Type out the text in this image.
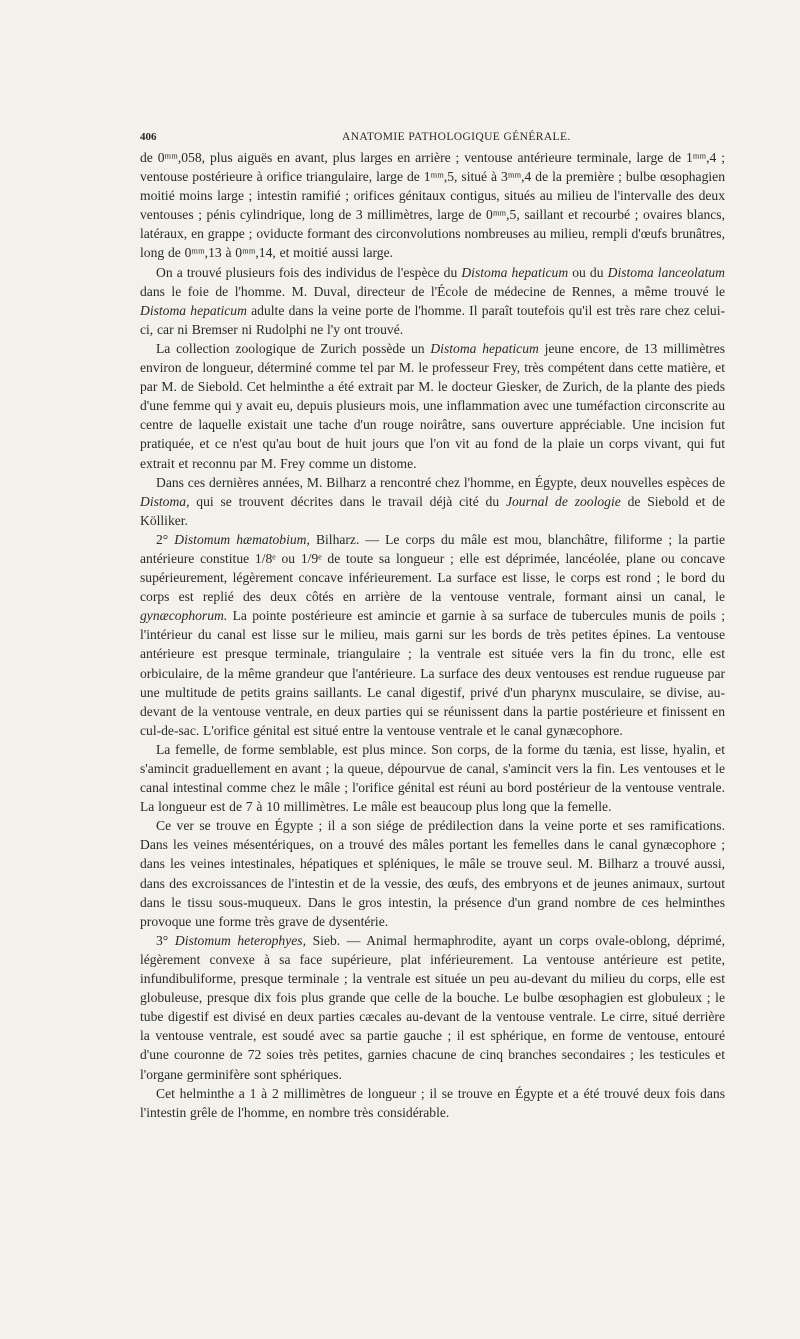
406	ANATOMIE PATHOLOGIQUE GÉNÉRALE.

de 0ᵐᵐ,058, plus aiguës en avant, plus larges en arrière ; ventouse antérieure terminale, large de 1ᵐᵐ,4 ; ventouse postérieure à orifice triangulaire, large de 1ᵐᵐ,5, situé à 3ᵐᵐ,4 de la première ; bulbe œsophagien moitié moins large ; intestin ramifié ; orifices génitaux contigus, situés au milieu de l'intervalle des deux ventouses ; pénis cylindrique, long de 3 millimètres, large de 0ᵐᵐ,5, saillant et recourbé ; ovaires blancs, latéraux, en grappe ; oviducte formant des circonvolutions nombreuses au milieu, rempli d'œufs brunâtres, long de 0ᵐᵐ,13 à 0ᵐᵐ,14, et moitié aussi large.

On a trouvé plusieurs fois des individus de l'espèce du Distoma hepaticum ou du Distoma lanceolatum dans le foie de l'homme. M. Duval, directeur de l'École de médecine de Rennes, a même trouvé le Distoma hepaticum adulte dans la veine porte de l'homme. Il paraît toutefois qu'il est très rare chez celui-ci, car ni Bremser ni Rudolphi ne l'y ont trouvé.

La collection zoologique de Zurich possède un Distoma hepaticum jeune encore, de 13 millimètres environ de longueur, déterminé comme tel par M. le professeur Frey, très compétent dans cette matière, et par M. de Siebold. Cet helminthe a été extrait par M. le docteur Giesker, de Zurich, de la plante des pieds d'une femme qui y avait eu, depuis plusieurs mois, une inflammation avec une tuméfaction circonscrite au centre de laquelle existait une tache d'un rouge noirâtre, sans ouverture appréciable. Une incision fut pratiquée, et ce n'est qu'au bout de huit jours que l'on vit au fond de la plaie un corps vivant, qui fut extrait et reconnu par M. Frey comme un distome.

Dans ces dernières années, M. Bilharz a rencontré chez l'homme, en Égypte, deux nouvelles espèces de Distoma, qui se trouvent décrites dans le travail déjà cité du Journal de zoologie de Siebold et de Kölliker.

2° Distomum hæmatobium, Bilharz. — Le corps du mâle est mou, blanchâtre, filiforme ; la partie antérieure constitue 1/8ᵉ ou 1/9ᵉ de toute sa longueur ; elle est déprimée, lancéolée, plane ou concave supérieurement, légèrement concave inférieurement. La surface est lisse, le corps est rond ; le bord du corps est replié des deux côtés en arrière de la ventouse ventrale, formant ainsi un canal, le gynæcophorum. La pointe postérieure est amincie et garnie à sa surface de tubercules munis de poils ; l'intérieur du canal est lisse sur le milieu, mais garni sur les bords de très petites épines. La ventouse antérieure est presque terminale, triangulaire ; la ventrale est située vers la fin du tronc, elle est orbiculaire, de la même grandeur que l'antérieure. La surface des deux ventouses est rendue rugueuse par une multitude de petits grains saillants. Le canal digestif, privé d'un pharynx musculaire, se divise, au-devant de la ventouse ventrale, en deux parties qui se réunissent dans la partie postérieure et finissent en cul-de-sac. L'orifice génital est situé entre la ventouse ventrale et le canal gynæcophore.

La femelle, de forme semblable, est plus mince. Son corps, de la forme du tænia, est lisse, hyalin, et s'amincit graduellement en avant ; la queue, dépourvue de canal, s'amincit vers la fin. Les ventouses et le canal intestinal comme chez le mâle ; l'orifice génital est réuni au bord postérieur de la ventouse ventrale. La longueur est de 7 à 10 millimètres. Le mâle est beaucoup plus long que la femelle.

Ce ver se trouve en Égypte ; il a son siége de prédilection dans la veine porte et ses ramifications. Dans les veines mésentériques, on a trouvé des mâles portant les femelles dans le canal gynæcophore ; dans les veines intestinales, hépatiques et spléniques, le mâle se trouve seul. M. Bilharz a trouvé aussi, dans des excroissances de l'intestin et de la vessie, des œufs, des embryons et de jeunes animaux, surtout dans le tissu sous-muqueux. Dans le gros intestin, la présence d'un grand nombre de ces helminthes provoque une forme très grave de dysentérie.

3° Distomum heterophyes, Sieb. — Animal hermaphrodite, ayant un corps ovale-oblong, déprimé, légèrement convexe à sa face supérieure, plat inférieurement. La ventouse antérieure est petite, infundibuliforme, presque terminale ; la ventrale est située un peu au-devant du milieu du corps, elle est globuleuse, presque dix fois plus grande que celle de la bouche. Le bulbe œsophagien est globuleux ; le tube digestif est divisé en deux parties cæcales au-devant de la ventouse ventrale. Le cirre, situé derrière la ventouse ventrale, est soudé avec sa partie gauche ; il est sphérique, en forme de ventouse, entouré d'une couronne de 72 soies très petites, garnies chacune de cinq branches secondaires ; les testicules et l'organe germinifère sont sphériques.

Cet helminthe a 1 à 2 millimètres de longueur ; il se trouve en Égypte et a été trouvé deux fois dans l'intestin grêle de l'homme, en nombre très considérable.
